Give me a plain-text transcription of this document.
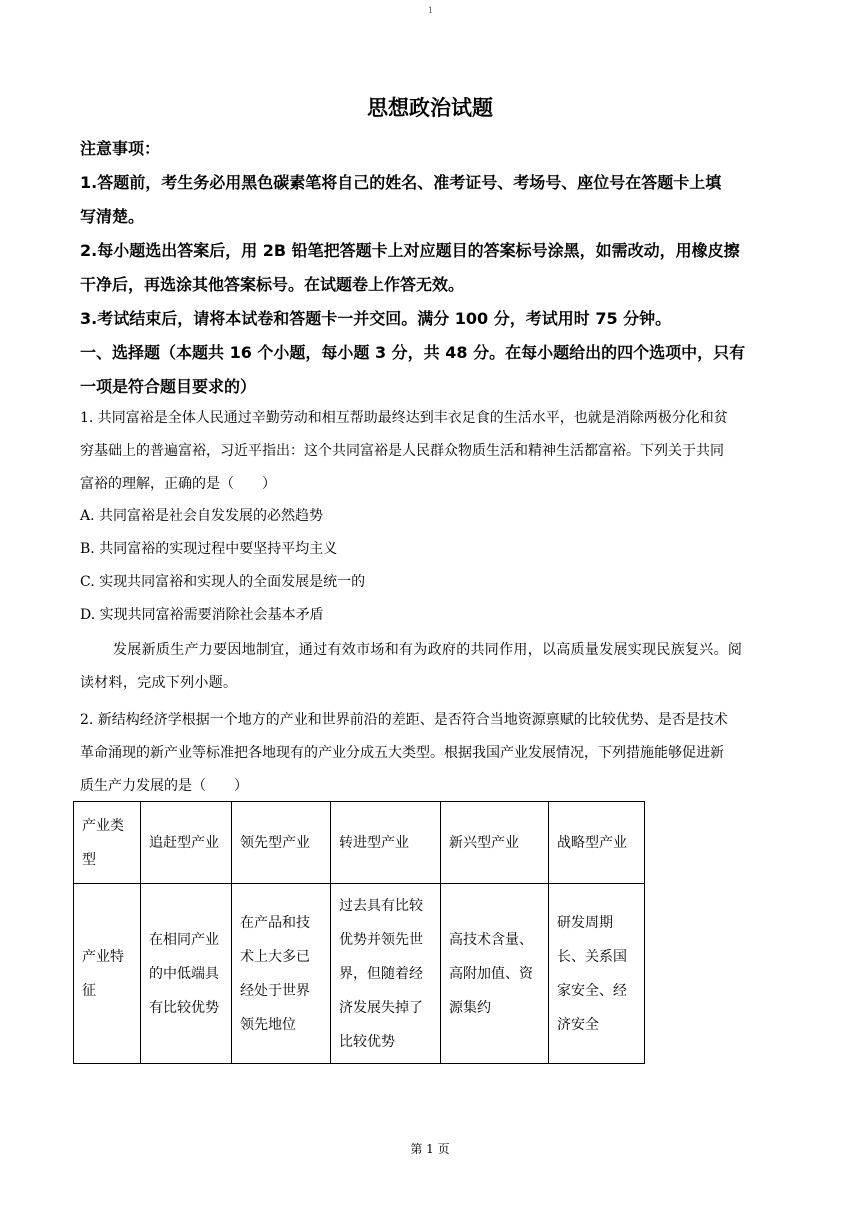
1
思想政治试题
注意事项：
1.答题前，考生务必用黑色碳素笔将自己的姓名、准考证号、考场号、座位号在答题卡上填
写清楚。
2.每小题选出答案后，用 2B 铅笔把答题卡上对应题目的答案标号涂黑，如需改动，用橡皮擦
干净后，再选涂其他答案标号。在试题卷上作答无效。
3.考试结束后，请将本试卷和答题卡一并交回。满分 100 分，考试用时 75 分钟。
一、选择题（本题共 16 个小题，每小题 3 分，共 48 分。在每小题给出的四个选项中，只有
一项是符合题目要求的）
1. 共同富裕是全体人民通过辛勤劳动和相互帮助最终达到丰衣足食的生活水平，也就是消除两极分化和贫
穷基础上的普遍富裕，习近平指出：这个共同富裕是人民群众物质生活和精神生活都富裕。下列关于共同
富裕的理解，正确的是（　　）
A. 共同富裕是社会自发发展的必然趋势
B. 共同富裕的实现过程中要坚持平均主义
C. 实现共同富裕和实现人的全面发展是统一的
D. 实现共同富裕需要消除社会基本矛盾
发展新质生产力要因地制宜，通过有效市场和有为政府的共同作用，以高质量发展实现民族复兴。阅
读材料，完成下列小题。
2. 新结构经济学根据一个地方的产业和世界前沿的差距、是否符合当地资源禀赋的比较优势、是否是技术
革命涌现的新产业等标准把各地现有的产业分成五大类型。根据我国产业发展情况，下列措施能够促进新
质生产力发展的是（　　）
产业类型	追赶型产业	领先型产业	转进型产业	新兴型产业	战略型产业
产业特征	在相同产业的中低端具有比较优势	在产品和技术上大多已经处于世界领先地位	过去具有比较优势并领先世界，但随着经济发展失掉了比较优势	高技术含量、高附加值、资源集约	研发周期长、关系国家安全、经济安全
第 1 页
